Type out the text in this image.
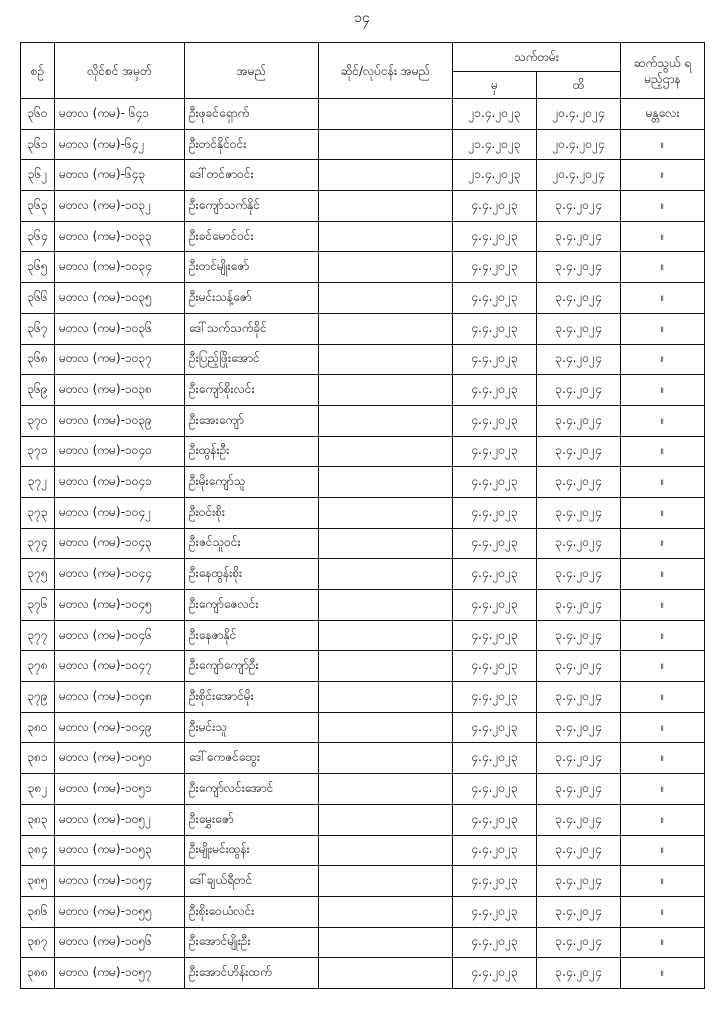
၁၄
စဉ်	လိုင်စင် အမှတ်	အမည်	ဆိုင်/လုပ်ငန်း အမည်	သက်တမ်း		ဆက်သွယ် ရမည့်ဌာန
				မှ	ထိ	
၃၆၀	မတလ (ကမ)- ၆၄၁	ဦးဖုခင်ရှောက်		၂၁.၄.၂၀၂၃	၂၀.၄.၂၀၂၄	မန္တလေး
၃၆၁	မတလ (ကမ)-၆၄၂	ဦးတင်နိုင်ဝင်း		၂၁.၄.၂၀၂၃	၂၀.၄.၂၀၂၄	။
၃၆၂	မတလ (ကမ)-၆၄၃	ဒေါ်တင်ဇာဝင်း		၂၁.၄.၂၀၂၃	၂၀.၄.၂၀၂၄	။
၃၆၃	မတလ (ကမ)-၁၀၃၂	ဦးကျော်သက်နိုင်		၄.၄.၂၀၂၃	၃.၄.၂၀၂၄	။
၃၆၄	မတလ (ကမ)-၁၀၃၃	ဦးခင်မောင်ဝင်း		၄.၄.၂၀၂၃	၃.၄.၂၀၂၄	။
၃၆၅	မတလ (ကမ)-၁၀၃၄	ဦးတင်မျိုးဇော်		၄.၄.၂၀၂၃	၃.၄.၂၀၂၄	။
၃၆၆	မတလ (ကမ)-၁၀၃၅	ဦးမင်းသန့်ဇော်		၄.၄.၂၀၂၃	၃.၄.၂၀၂၄	။
၃၆၇	မတလ (ကမ)-၁၀၃၆	ဒေါ်သက်သက်ခိုင်		၄.၄.၂၀၂၃	၃.၄.၂၀၂၄	။
၃၆၈	မတလ (ကမ)-၁၀၃၇	ဦးပြည့်ဖြိုးအောင်		၄.၄.၂၀၂၃	၃.၄.၂၀၂၄	။
၃၆၉	မတလ (ကမ)-၁၀၃၈	ဦးကျော်စိုးလင်း		၄.၄.၂၀၂၃	၃.၄.၂၀၂၄	။
၃၇၀	မတလ (ကမ)-၁၀၃၉	ဦးအေးကျော်		၄.၄.၂၀၂၃	၃.၄.၂၀၂၄	။
၃၇၁	မတလ (ကမ)-၁၀၄၀	ဦးထွန်းဦး		၄.၄.၂၀၂၃	၃.၄.၂၀၂၄	။
၃၇၂	မတလ (ကမ)-၁၀၄၁	ဦးမိုးကျော်သူ		၄.၄.၂၀၂၃	၃.၄.၂၀၂၄	။
၃၇၃	မတလ (ကမ)-၁၀၄၂	ဦးဝင်းစိုး		၄.၄.၂၀၂၃	၃.၄.၂၀၂၄	။
၃၇၄	မတလ (ကမ)-၁၀၄၃	ဦးဇင်သူဝင်း		၄.၄.၂၀၂၃	၃.၄.၂၀၂၄	။
၃၇၅	မတလ (ကမ)-၁၀၄၄	ဦးနေထွန်းစိုး		၄.၄.၂၀၂၃	၃.၄.၂၀၂၄	။
၃၇၆	မတလ (ကမ)-၁၀၄၅	ဦးကျော်ဇေလင်း		၄.၄.၂၀၂၃	၃.၄.၂၀၂၄	။
၃၇၇	မတလ (ကမ)-၁၀၄၆	ဦးနေဇာနိုင်		၄.၄.၂၀၂၃	၃.၄.၂၀၂၄	။
၃၇၈	မတလ (ကမ)-၁၀၄၇	ဦးကျော်ကျော်ဦး		၄.၄.၂၀၂၃	၃.၄.၂၀၂၄	။
၃၇၉	မတလ (ကမ)-၁၀၄၈	ဦးစိုင်းအောင်မိုး		၄.၄.၂၀၂၃	၃.၄.၂၀၂၄	။
၃၈၀	မတလ (ကမ)-၁၀၄၉	ဦးမင်းသူ		၄.၄.၂၀၂၃	၃.၄.၂၀၂၄	။
၃၈၁	မတလ (ကမ)-၁၀၅၀	ဒေါ်ကေဇင်ထွေး		၄.၄.၂၀၂၃	၃.၄.၂၀၂၄	။
၃၈၂	မတလ (ကမ)-၁၀၅၁	ဦးကျော်လင်းအောင်		၄.၄.၂၀၂၃	၃.၄.၂၀၂၄	။
၃၈၃	မတလ (ကမ)-၁၀၅၂	ဦးမွှေးဇော်		၄.၄.၂၀၂၃	၃.၄.၂၀၂၄	။
၃၈၄	မတလ (ကမ)-၁၀၅၃	ဦးမျိုးမင်းထွန်း		၄.၄.၂၀၂၃	၃.၄.၂၀၂၄	။
၃၈၅	မတလ (ကမ)-၁၀၅၄	ဒေါ်ချယ်ရီတင်		၄.၄.၂၀၂၃	၃.၄.၂၀၂၄	။
၃၈၆	မတလ (ကမ)-၁၀၅၅	ဦးစိုးဝေယံလင်း		၄.၄.၂၀၂၃	၃.၄.၂၀၂၄	။
၃၈၇	မတလ (ကမ)-၁၀၅၆	ဦးအောင်မျိုးဦး		၄.၄.၂၀၂၃	၃.၄.၂၀၂၄	။
၃၈၈	မတလ (ကမ)-၁၀၅၇	ဦးအောင်ဟိန်းထက်		၄.၄.၂၀၂၃	၃.၄.၂၀၂၄	။
